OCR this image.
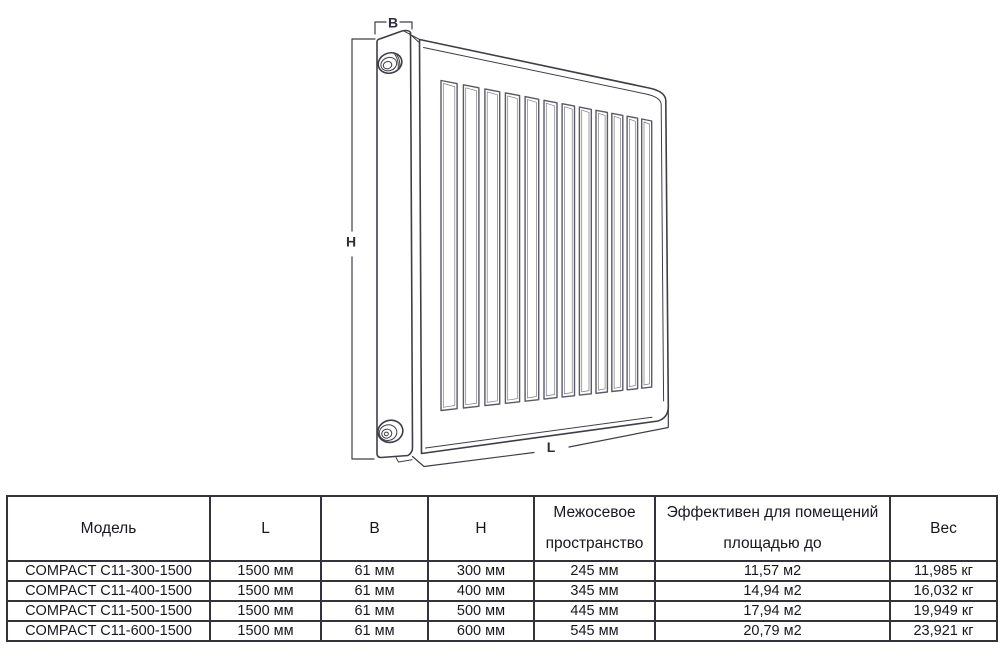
B
H
L
Модель	L	B	H	Межосевое пространство	Эффективен для помещений площадью до	Вес
COMPACT C11-300-1500	1500 мм	61 мм	300 мм	245 мм	11,57 м2	11,985 кг
COMPACT C11-400-1500	1500 мм	61 мм	400 мм	345 мм	14,94 м2	16,032 кг
COMPACT C11-500-1500	1500 мм	61 мм	500 мм	445 мм	17,94 м2	19,949 кг
COMPACT C11-600-1500	1500 мм	61 мм	600 мм	545 мм	20,79 м2	23,921 кг
